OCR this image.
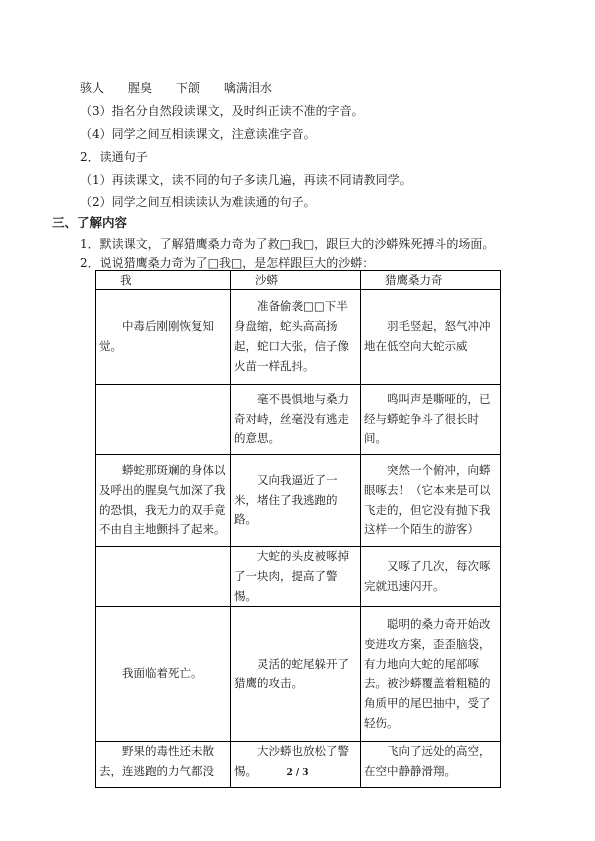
骇人 腥臭 下颌 噙满泪水
（3）指名分自然段读课文，及时纠正读不准的字音。
（4）同学之间互相读课文，注意读准字音。
2．读通句子
（1）再读课文，读不同的句子多读几遍，再读不同请教同学。
（2）同学之间互相读读认为难读通的句子。
三、了解内容
1．默读课文，了解猎鹰桑力奇为了救□我□，跟巨大的沙蟒殊死搏斗的场面。
2．说说猎鹰桑力奇为了□我□，是怎样跟巨大的沙蟒：
我	沙蟒	猎鹰桑力奇
中毒后刚刚恢复知觉。	准备偷袭□□下半身盘缩，蛇头高高扬起，蛇口大张，信子像火苗一样乱抖。	羽毛竖起，怒气冲冲地在低空向大蛇示威
	毫不畏惧地与桑力奇对峙，丝毫没有逃走的意思。	鸣叫声是嘶哑的，已经与蟒蛇争斗了很长时间。
蟒蛇那斑斓的身体以及呼出的腥臭气加深了我的恐惧，我无力的双手竟不由自主地颤抖了起来。	又向我逼近了一米，堵住了我逃跑的路。	突然一个俯冲，向蟒眼啄去！（它本来是可以飞走的，但它没有抛下我这样一个陌生的游客）
	大蛇的头皮被啄掉了一块肉，提高了警惕。	又啄了几次，每次啄完就迅速闪开。
我面临着死亡。	灵活的蛇尾躲开了猎鹰的攻击。	聪明的桑力奇开始改变进攻方案，歪歪脑袋，有力地向大蛇的尾部啄去。被沙蟒覆盖着粗糙的角质甲的尾巴抽中，受了轻伤。
野果的毒性还未散去，连逃跑的力气都没	大沙蟒也放松了警惕。	飞向了远处的高空，在空中静静滑翔。
2 / 3
